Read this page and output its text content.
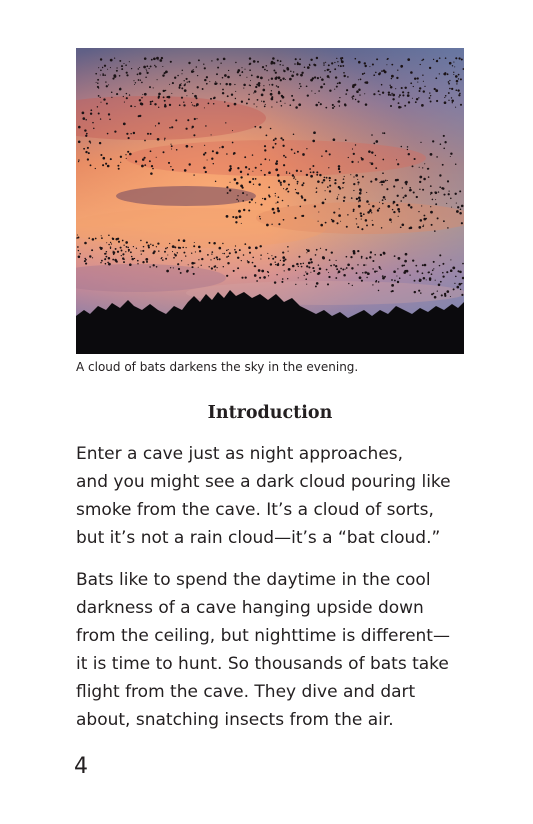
A cloud of bats darkens the sky in the evening.
Introduction
Enter a cave just as night approaches,
and you might see a dark cloud pouring like
smoke from the cave. It’s a cloud of sorts,
but it’s not a rain cloud—it’s a “bat cloud.”
Bats like to spend the daytime in the cool
darkness of a cave hanging upside down
from the ceiling, but nighttime is different—
it is time to hunt. So thousands of bats take
flight from the cave. They dive and dart
about, snatching insects from the air.
4
